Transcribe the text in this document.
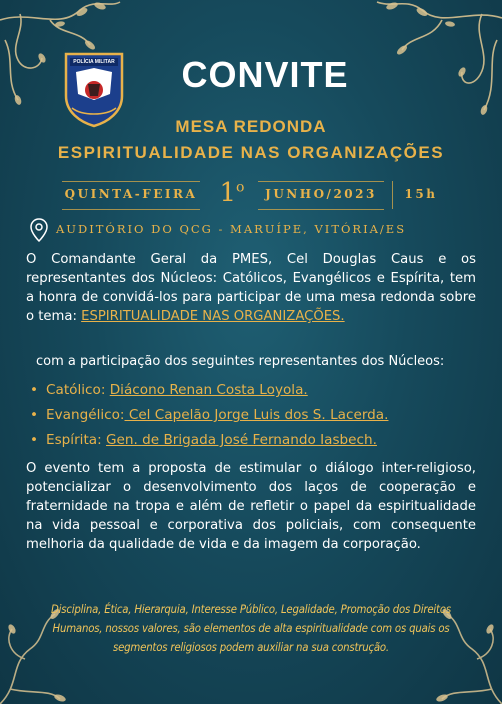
POLÍCIA MILITAR	CONVITE
MESA REDONDA
ESPIRITUALIDADE NAS ORGANIZAÇÕES
QUINTA-FEIRA 1$^o$	JUNHO/2023	15h
AUDITÓRIO DO QCG - MARUÍPE, VITÓRIA/ES
O Comandante Geral da PMES, Cel Douglas Caus e os representantes dos Núcleos: Católicos, Evangélicos e Espírita, tem a honra de convidá-los para participar de uma mesa redonda sobre o tema: ESPIRITUALIDADE NAS ORGANIZAÇÕES.
com a participação dos seguintes representantes dos Núcleos:
• Católico: Diácono Renan Costa Loyola.
• Evangélico: Cel Capelão Jorge Luis dos S. Lacerda.
• Espírita: Gen. de Brigada José Fernando Iasbech.
O evento tem a proposta de estimular o diálogo inter-religioso, potencializar o desenvolvimento dos laços de cooperação e fraternidade na tropa e além de refletir o papel da espiritualidade na vida pessoal e corporativa dos policiais, com consequente melhoria da qualidade de vida e da imagem da corporação.
Disciplina, Ética, Hierarquia, Interesse Público, Legalidade, Promoção dos Direitos Humanos, nossos valores, são elementos de alta espiritualidade com os quais os segmentos religiosos podem auxiliar na sua construção.
